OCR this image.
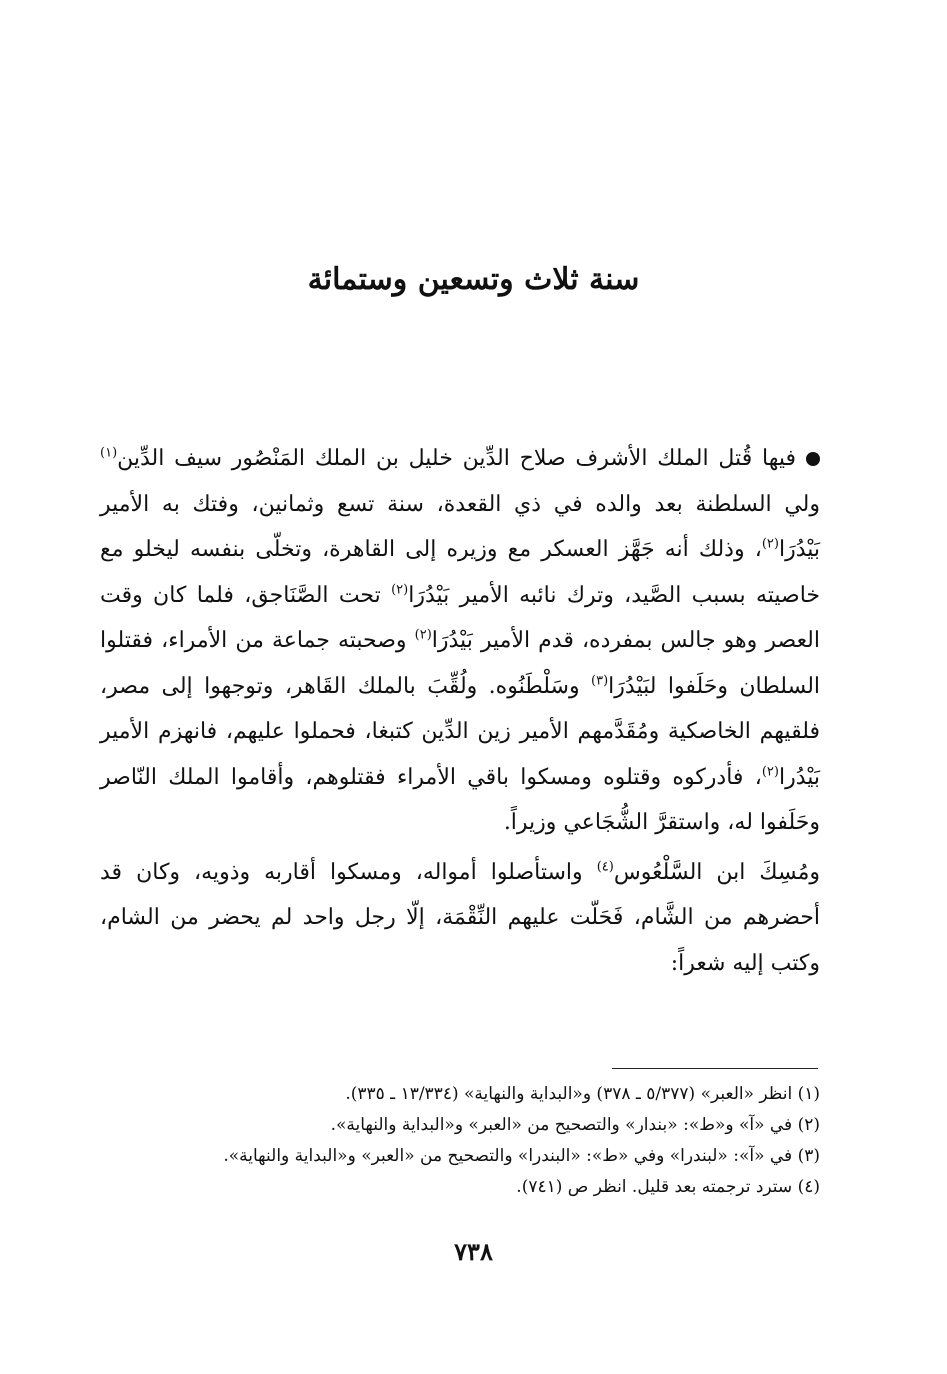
سنة ثلاث وتسعين وستمائة

فيها قُتل الملك الأشرف صلاح الدِّين خليل بن الملك المَنْصُور سيف الدِّين$^{(١)}$ ولي السلطنة بعد والده في ذي القعدة، سنة تسع وثمانين، وفتك به الأمير بَيْدُرَا$^{(٢)}$، وذلك أنه جَهَّز العسكر مع وزيره إلى القاهرة، وتخلّى بنفسه ليخلو مع خاصيته بسبب الصَّيد، وترك نائبه الأمير بَيْدُرَا$^{(٢)}$ تحت الصَّنَاجق، فلما كان وقت العصر وهو جالس بمفرده، قدم الأمير بَيْدُرَا$^{(٢)}$ وصحبته جماعة من الأمراء، فقتلوا السلطان وحَلَفوا لبَيْدُرَا$^{(٣)}$ وسَلْطَنُوه. ولُقِّبَ بالملك القَاهر، وتوجهوا إلى مصر، فلقيهم الخاصكية ومُقَدَّمهم الأمير زين الدِّين كتبغا، فحملوا عليهم، فانهزم الأمير بَيْدُرا$^{(٢)}$، فأدركوه وقتلوه ومسكوا باقي الأمراء فقتلوهم، وأقاموا الملك النّاصر وحَلَفوا له، واستقرَّ الشُّجَاعي وزيراً.

ومُسِكَ ابن السَّلْعُوس$^{(٤)}$ واستأصلوا أمواله، ومسكوا أقاربه وذويه، وكان قد أحضرهم من الشَّام، فَحَلّت عليهم النِّقْمَة، إلّا رجل واحد لم يحضر من الشام، وكتب إليه شعراً:

(١) انظر «العبر» (٥/٣٧٧ ـ ٣٧٨) و«البداية والنهاية» (١٣/٣٣٤ ـ ٣٣٥).
(٢) في «آ» و«ط»: «بندار» والتصحيح من «العبر» و«البداية والنهاية».
(٣) في «آ»: «لبندرا» وفي «ط»: «البندرا» والتصحيح من «العبر» و«البداية والنهاية».
(٤) سترد ترجمته بعد قليل. انظر ص (٧٤١).
٧٣٨
